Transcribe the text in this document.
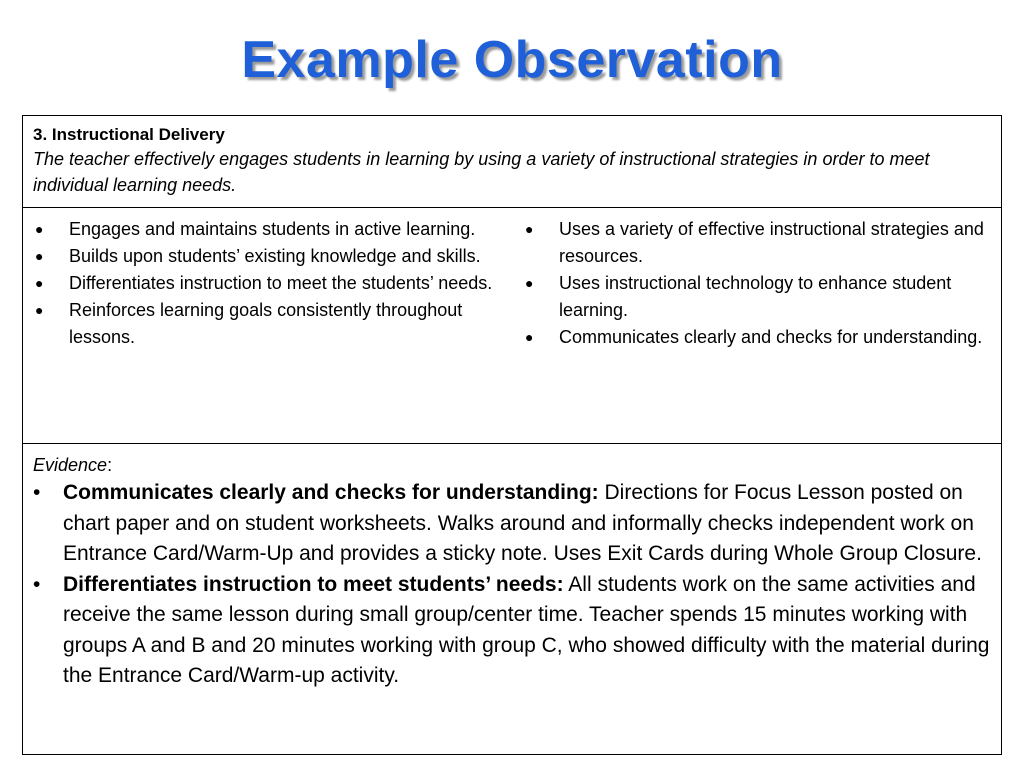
Example Observation
3. Instructional Delivery
The teacher effectively engages students in learning by using a variety of instructional strategies in order to meet individual learning needs.
●	Engages and maintains students in active learning.
●	Builds upon students’ existing knowledge and skills.
●	Differentiates instruction to meet the students’ needs.
●	Reinforces learning goals consistently throughout lessons.
●	Uses a variety of effective instructional strategies and resources.
●	Uses instructional technology to enhance student learning.
●	Communicates clearly and checks for understanding.
Evidence:
•	Communicates clearly and checks for understanding: Directions for Focus Lesson posted on chart paper and on student worksheets. Walks around and informally checks independent work on Entrance Card/Warm-Up and provides a sticky note. Uses Exit Cards during Whole Group Closure.
•	Differentiates instruction to meet students’ needs: All students work on the same activities and receive the same lesson during small group/center time. Teacher spends 15 minutes working with groups A and B and 20 minutes working with group C, who showed difficulty with the material during the Entrance Card/Warm-up activity.
